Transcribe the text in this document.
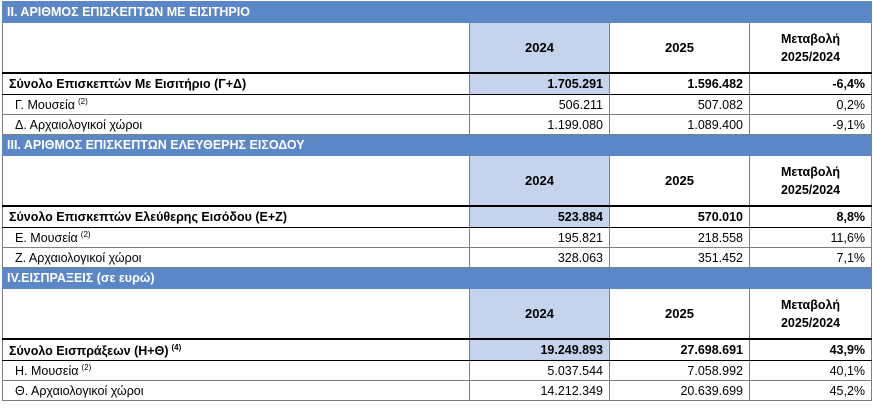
ΙΙ. ΑΡΙΘΜΟΣ ΕΠΙΣΚΕΠΤΩΝ ΜΕ ΕΙΣΙΤΗΡΙΟ			
	2024	2025	Μεταβολή
2025/2024
Σύνολο Επισκεπτών Με Εισιτήριο (Γ+Δ)	1.705.291	1.596.482	-6,4%
Γ. Μουσεία $^{(2)}$	506.211	507.082	0,2%
Δ. Αρχαιολογικοί χώροι	1.199.080	1.089.400	-9,1%
ΙΙΙ. ΑΡΙΘΜΟΣ ΕΠΙΣΚΕΠΤΩΝ ΕΛΕΥΘΕΡΗΣ ΕΙΣΟΔΟΥ			
	2024	2025	Μεταβολή
2025/2024
Σύνολο Επισκεπτών Ελεύθερης Εισόδου (Ε+Ζ)	523.884	570.010	8,8%
Ε. Μουσεία $^{(2)}$	195.821	218.558	11,6%
Ζ. Αρχαιολογικοί χώροι	328.063	351.452	7,1%
ΙV.ΕΙΣΠΡΑΞΕΙΣ (σε ευρώ)			
	2024	2025	Μεταβολή
2025/2024
Σύνολο Εισπράξεων (Η+Θ) $^{(4)}$	19.249.893	27.698.691	43,9%
Η. Μουσεία $^{(2)}$	5.037.544	7.058.992	40,1%
Θ. Αρχαιολογικοί χώροι	14.212.349	20.639.699	45,2%
